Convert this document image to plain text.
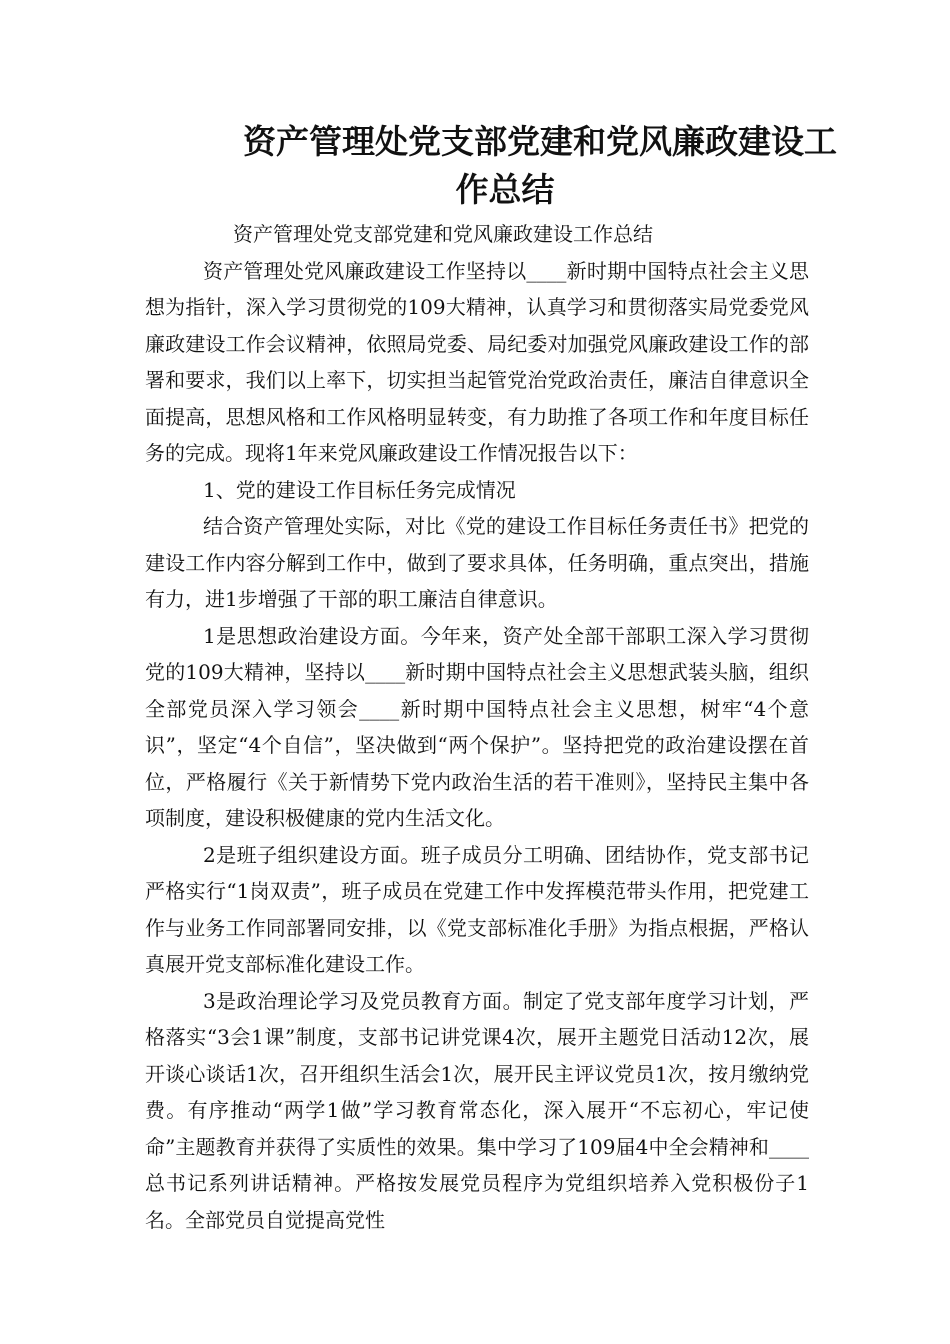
资产管理处党支部党建和党风廉政建设工
作总结

资产管理处党支部党建和党风廉政建设工作总结

资产管理处党风廉政建设工作坚持以____新时期中国特点社会主义思想为指针，深入学习贯彻党的109大精神，认真学习和贯彻落实局党委党风廉政建设工作会议精神，依照局党委、局纪委对加强党风廉政建设工作的部署和要求，我们以上率下，切实担当起管党治党政治责任，廉洁自律意识全面提高，思想风格和工作风格明显转变，有力助推了各项工作和年度目标任务的完成。现将1年来党风廉政建设工作情况报告以下：

1、党的建设工作目标任务完成情况

结合资产管理处实际，对比《党的建设工作目标任务责任书》把党的建设工作内容分解到工作中，做到了要求具体，任务明确，重点突出，措施有力，进1步增强了干部的职工廉洁自律意识。

1是思想政治建设方面。今年来，资产处全部干部职工深入学习贯彻党的109大精神，坚持以____新时期中国特点社会主义思想武装头脑，组织全部党员深入学习领会____新时期中国特点社会主义思想，树牢“4个意识”，坚定“4个自信”，坚决做到“两个保护”。坚持把党的政治建设摆在首位，严格履行《关于新情势下党内政治生活的若干准则》，坚持民主集中各项制度，建设积极健康的党内生活文化。

2是班子组织建设方面。班子成员分工明确、团结协作，党支部书记严格实行“1岗双责”，班子成员在党建工作中发挥模范带头作用，把党建工作与业务工作同部署同安排，以《党支部标准化手册》为指点根据，严格认真展开党支部标准化建设工作。

3是政治理论学习及党员教育方面。制定了党支部年度学习计划，严格落实“3会1课”制度，支部书记讲党课4次，展开主题党日活动12次，展开谈心谈话1次，召开组织生活会1次，展开民主评议党员1次，按月缴纳党费。有序推动“两学1做”学习教育常态化，深入展开“不忘初心，牢记使命”主题教育并获得了实质性的效果。集中学习了109届4中全会精神和____总书记系列讲话精神。严格按发展党员程序为党组织培养入党积极份子1名。全部党员自觉提高党性
